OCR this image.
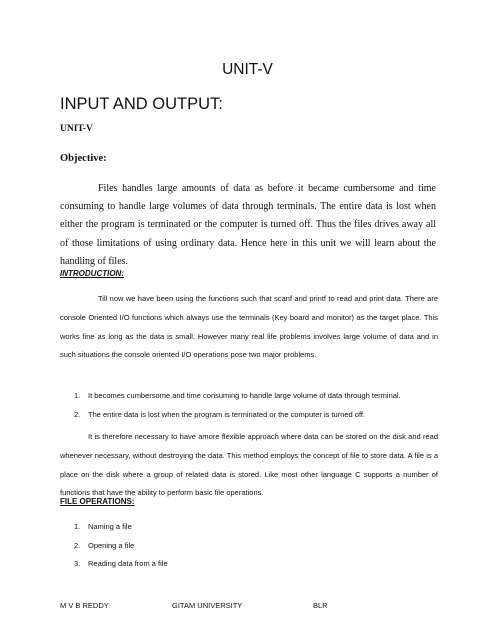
UNIT-V
INPUT AND OUTPUT:
UNIT-V
Objective:

Files handles large amounts of data as before it became cumbersome and time consuming to handle large volumes of data through terminals. The entire data is lost when either the program is terminated or the computer is turned off. Thus the files drives away all of those limitations of using ordinary data. Hence here in this unit we will learn about the handling of files.

INTRODUCTION:

Till now we have been using the functions such that scanf and printf to read and print data. There are console Oriented I/O functions which always use the terminals (Key board and monitor) as the target place. This works fine as long as the data is small. However many real life problems involves large volume of data and in such situations the console oriented I/O operations pose two major problems.

1.	It becomes cumbersome and time consuming to handle large volume of data through terminal.
2.	The entire data is lost when the program is terminated or the computer is turned off.

It is therefore necessary to have amore flexible approach where data can be stored on the disk and read whenever necessary, without destroying the data. This method employs the concept of file to store data. A file is a place on the disk where a group of related data is stored. Like most other language C supports a number of functions that have the ability to perform basic file operations.

FILE OPERATIONS:
1.	Naming a file
2.	Opening a file
3.	Reading data from a file
M V B REDDY	GITAM UNIVERSITY	BLR
